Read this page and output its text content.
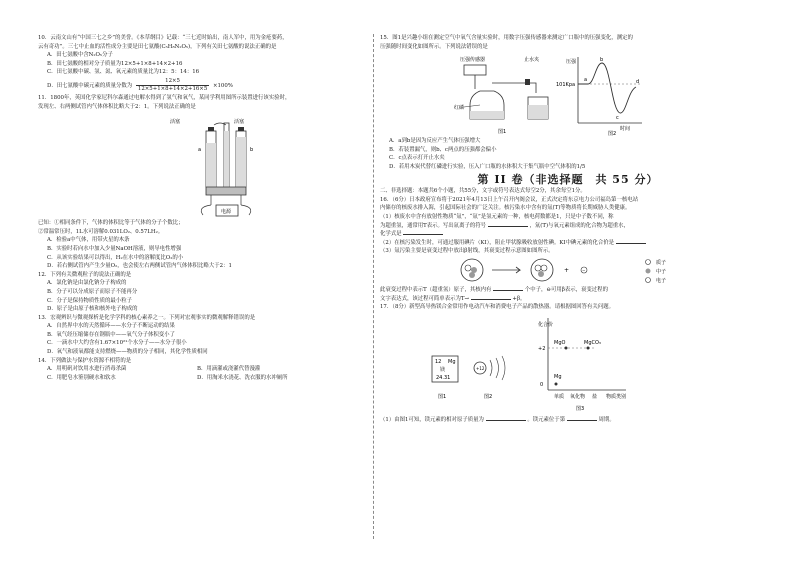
10．云南文山有“中国三七之乡”的美誉。《本草纲目》记载：“三七近时始出，南人军中，用为金疮要药，

云有奇功”。三七中止血的活性成分主要是田七氨酸(C₅H₈N₂O₅)，下列有关田七氨酸的说法正确的是

A．田七氨酸中含N₂O₅分子

B．田七氨酸的相对分子质量为12×5+1×8+14×2+16

C．田七氨酸中碳、氢、氮、氧元素的质量比为12：5：14：16

D．田七氨酸中碳元素的质量分数为 $\frac{12\times 5}{12\times 5+1\times 8+14\times 2+16\times 5} \times 100\%$

11．1800年，英国化学家尼科尔森通过电解水得到了氢气和氧气，某同学利用图所示装置进行该实验时，

发现左、右两侧试管内气体体积比略大于2：1。下列说法正确的是

活塞	活塞
a	b
电源

已知：①相同条件下，气体的体积比等于气体的分子个数比；

②常温常压时，1L水可溶解0.031LO₂、0.57LH₂。

A．检验a中气体，用带火星的木条

B．实验时若向水中加入少量NaOH溶液，则导电性增强

C．从该实验结果可以得出，H₂在水中的溶解度比O₂的小

D．若右侧试管内产生少量O₂，也会使左右两侧试管内气体体积比略大于2：1

12．下列有关微观粒子的说法正确的是

A．氯化钠是由氯化钠分子构成的

B．分子可以分成原子而原子不能再分

C．分子是保持物质性质的最小粒子

D．原子是由原子核和核外电子构成的

13．宏观辨识与微观探析是化学学科的核心素养之一。下列对宏观事实的微观解释错误的是

A．自然界中水的天然循环——水分子不断运动的结果

B．氧气经压缩储存在钢瓶中——氧气分子体积变小了

C．一滴水中大约含有1.67×10²¹个水分子——水分子很小

D．氧气和液氧都能支持燃烧——物质的分子相同，其化学性质相同

14．下列做法与保护水资源不相符的是

A．用明矾对饮用水进行消毒杀菌	B．用滴灌或浇灌代替漫灌
C．用肥皂水鉴别硬水和软水	D．用淘米水浇花、洗衣服的水冲厕所

15．图1是兴趣小组在测定空气中氧气含量实验时，用数字压强传感器来测定广口瓶中的压强变化，测定的

压强随时间变化如图所示。下列说法错误的是

压强传感器	止水夹
红磷
图1
压强
101Kpa
a
b
c
d
时间
图2

A．a到b是因为反应产生气体压强增大

B．若装置漏气，则b、c两点的压强都会偏小

C．c点表示打开止水夹

D．若用木炭代替红磷进行实验，压入广口瓶的水体积大于集气瓶中空气体积的1/5

第 II 卷（非选择题　共 55 分）

二、非选择题：本题共6个小题，共55分，文字或符号表达式每空2分，其余每空1分。

16．（6分）日本政府宣布将于2021年4月13日上午召开内阁会议，正式决定将东京电力公司福岛第一核电站

内储存的核废水排入海，引起国际社会的广泛关注。核污染水中含有的氚(T)等物质将长期威胁人类健康。

（1）核废水中含有放射性物质“氚”，“氚”是氢元素的一种，核电荷数都是1，只是中子数不同，称

为超重氢，通常用T表示。写出氚离子的符号	，氚(T)与氧元素组成的化合物为超重水，

化学式是

（2）在核污染发生时，可通过服用碘片（KI），阻止甲状腺吸收放射性碘。KI中碘元素的化合价是

（3）氚污染主要是衰变过程中放出β射线，其衰变过程示意图如图所示。

+	−
质子
中子
电子

此衰变过程中表示T（超重氢）原子，其核内有	个中子，⊖可用β表示，衰变过程的

文字表达式，该过程可简单表示为T→	+β。

17．（8分）新型高导热镁合金常用作电动汽车和消费电子产品的散热器。请根据图回答有关问题。

12 Mg
镁
24.31
图1
+12
图2
化合价
+2
0
MgO	MgCO₃
Mg
单质 氧化物 盐 物质类别
图3

（1）由图1可知，镁元素的相对原子质量为	。镁元素位于第	周期。
